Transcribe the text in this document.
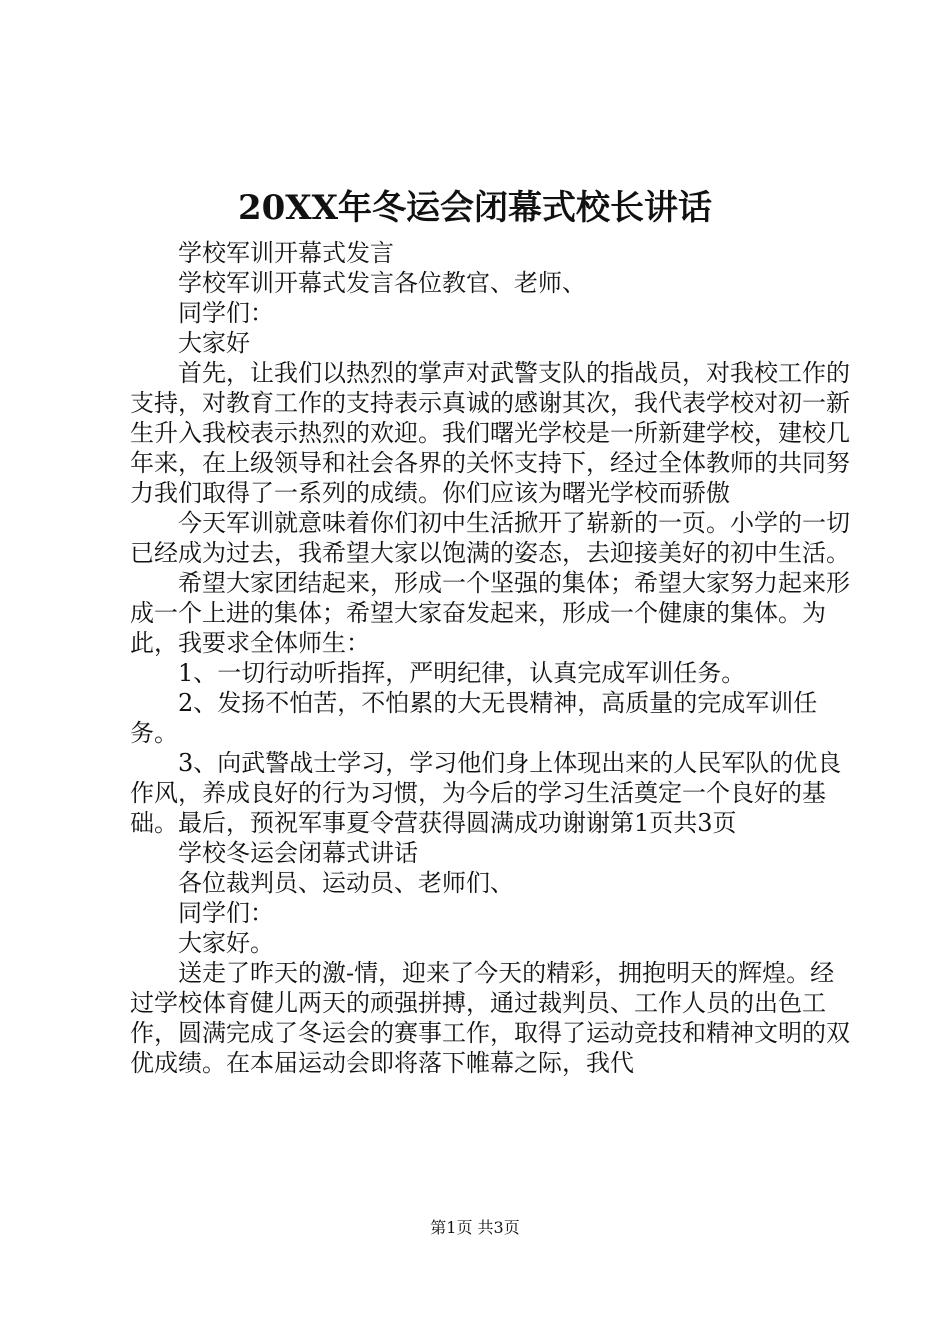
20XX年冬运会闭幕式校长讲话

学校军训开幕式发言

学校军训开幕式发言各位教官、老师、

同学们：

大家好

首先，让我们以热烈的掌声对武警支队的指战员，对我校工作的支持，对教育工作的支持表示真诚的感谢其次，我代表学校对初一新生升入我校表示热烈的欢迎。我们曙光学校是一所新建学校，建校几年来，在上级领导和社会各界的关怀支持下，经过全体教师的共同努力我们取得了一系列的成绩。你们应该为曙光学校而骄傲

今天军训就意味着你们初中生活掀开了崭新的一页。小学的一切已经成为过去，我希望大家以饱满的姿态，去迎接美好的初中生活。

希望大家团结起来，形成一个坚强的集体；希望大家努力起来形成一个上进的集体；希望大家奋发起来，形成一个健康的集体。为此，我要求全体师生：

1、一切行动听指挥，严明纪律，认真完成军训任务。

2、发扬不怕苦，不怕累的大无畏精神，高质量的完成军训任务。

3、向武警战士学习，学习他们身上体现出来的人民军队的优良作风，养成良好的行为习惯，为今后的学习生活奠定一个良好的基础。最后，预祝军事夏令营获得圆满成功谢谢第1页共3页

学校冬运会闭幕式讲话

各位裁判员、运动员、老师们、

同学们：

大家好。

送走了昨天的激-情，迎来了今天的精彩，拥抱明天的辉煌。经过学校体育健儿两天的顽强拼搏，通过裁判员、工作人员的出色工作，圆满完成了冬运会的赛事工作，取得了运动竞技和精神文明的双优成绩。在本届运动会即将落下帷幕之际，我代

第1页 共3页
